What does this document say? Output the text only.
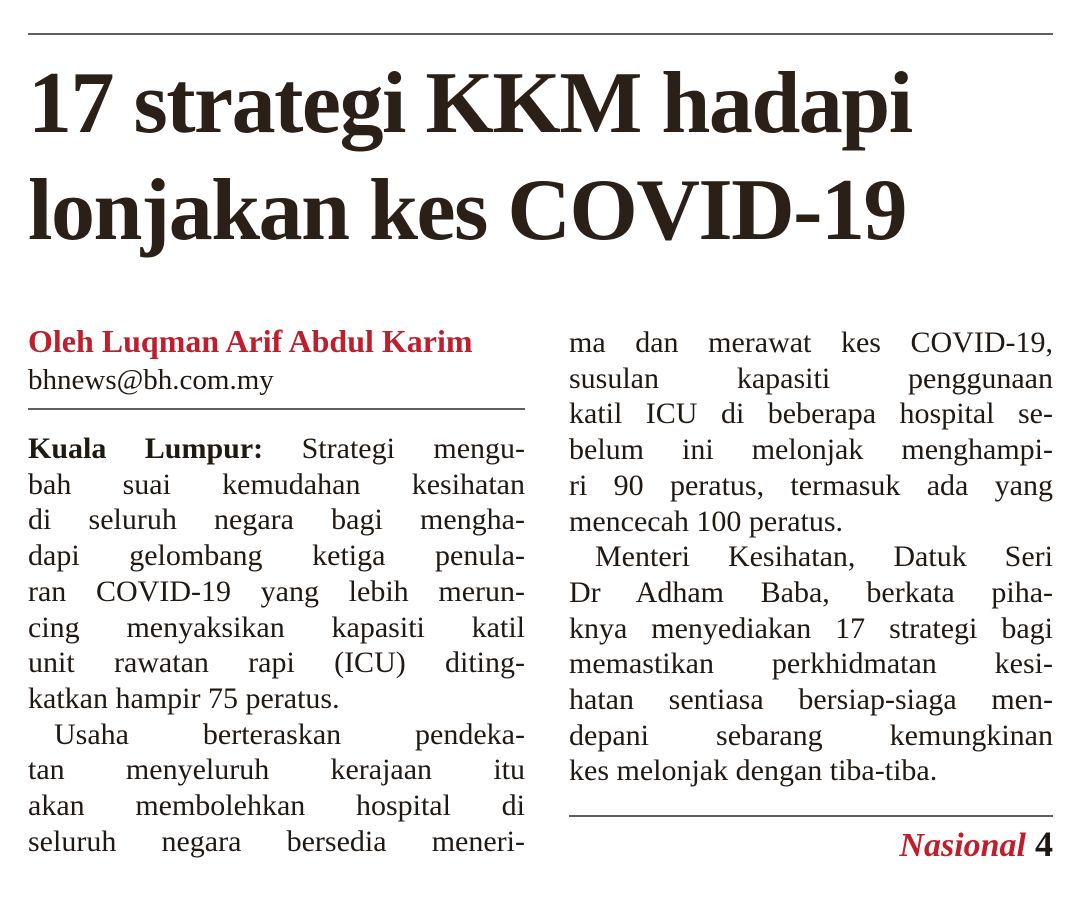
17 strategi KKM hadapi
lonjakan kes COVID-19
Oleh Luqman Arif Abdul Karim
bhnews@bh.com.my
Kuala Lumpur: Strategi mengu-
bah suai kemudahan kesihatan
di seluruh negara bagi mengha-
dapi gelombang ketiga penula-
ran COVID-19 yang lebih merun-
cing menyaksikan kapasiti katil
unit rawatan rapi (ICU) diting-
katkan hampir 75 peratus.
Usaha berteraskan pendeka-
tan menyeluruh kerajaan itu
akan membolehkan hospital di
seluruh negara bersedia meneri-
ma dan merawat kes COVID-19,
susulan kapasiti penggunaan
katil ICU di beberapa hospital se-
belum ini melonjak menghampi-
ri 90 peratus, termasuk ada yang
mencecah 100 peratus.
Menteri Kesihatan, Datuk Seri
Dr Adham Baba, berkata piha-
knya menyediakan 17 strategi bagi
memastikan perkhidmatan kesi-
hatan sentiasa bersiap-siaga men-
depani sebarang kemungkinan
kes melonjak dengan tiba-tiba.
Nasional 4
